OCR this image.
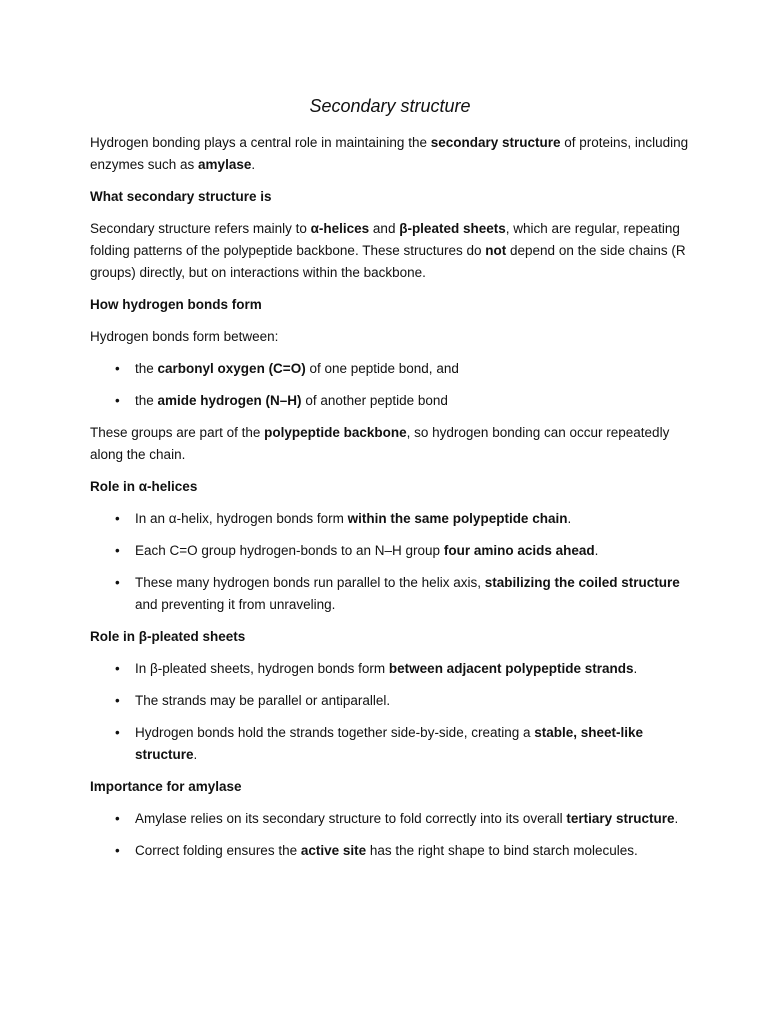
Secondary structure

Hydrogen bonding plays a central role in maintaining the secondary structure of proteins, including enzymes such as amylase.

What secondary structure is

Secondary structure refers mainly to α-helices and β-pleated sheets, which are regular, repeating folding patterns of the polypeptide backbone. These structures do not depend on the side chains (R groups) directly, but on interactions within the backbone.

How hydrogen bonds form

Hydrogen bonds form between:

• the carbonyl oxygen (C=O) of one peptide bond, and
• the amide hydrogen (N–H) of another peptide bond

These groups are part of the polypeptide backbone, so hydrogen bonding can occur repeatedly along the chain.

Role in α-helices
• In an α-helix, hydrogen bonds form within the same polypeptide chain.
• Each C=O group hydrogen-bonds to an N–H group four amino acids ahead.
• These many hydrogen bonds run parallel to the helix axis, stabilizing the coiled structure and preventing it from unraveling.
Role in β-pleated sheets
• In β-pleated sheets, hydrogen bonds form between adjacent polypeptide strands.
• The strands may be parallel or antiparallel.
• Hydrogen bonds hold the strands together side-by-side, creating a stable, sheet-like structure.
Importance for amylase
• Amylase relies on its secondary structure to fold correctly into its overall tertiary structure.
• Correct folding ensures the active site has the right shape to bind starch molecules.
